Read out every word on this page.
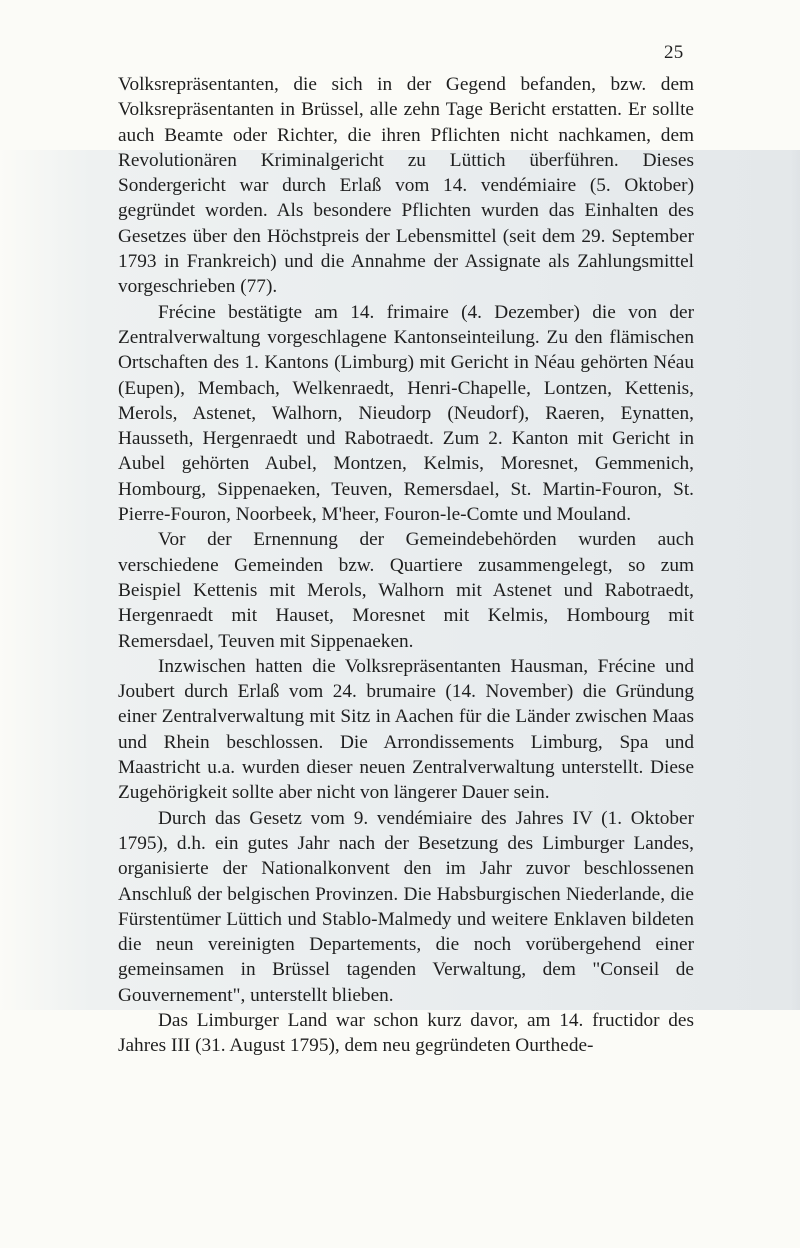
25

Volksrepräsentanten, die sich in der Gegend befanden, bzw. dem Volksrepräsentanten in Brüssel, alle zehn Tage Bericht erstatten. Er sollte auch Beamte oder Richter, die ihren Pflichten nicht nachkamen, dem Revolutionären Kriminalgericht zu Lüttich überführen. Dieses Sondergericht war durch Erlaß vom 14. vendémiaire (5. Oktober) gegründet worden. Als besondere Pflichten wurden das Einhalten des Gesetzes über den Höchstpreis der Lebensmittel (seit dem 29. September 1793 in Frankreich) und die Annahme der Assignate als Zahlungsmittel vorgeschrieben (77).

Frécine bestätigte am 14. frimaire (4. Dezember) die von der Zentralverwaltung vorgeschlagene Kantonseinteilung. Zu den flämischen Ortschaften des 1. Kantons (Limburg) mit Gericht in Néau gehörten Néau (Eupen), Membach, Welkenraedt, Henri-Chapelle, Lontzen, Kettenis, Merols, Astenet, Walhorn, Nieudorp (Neudorf), Raeren, Eynatten, Hausseth, Hergenraedt und Rabotraedt. Zum 2. Kanton mit Gericht in Aubel gehörten Aubel, Montzen, Kelmis, Moresnet, Gemmenich, Hombourg, Sippenaeken, Teuven, Remersdael, St. Martin-Fouron, St. Pierre-Fouron, Noorbeek, M'heer, Fouron-le-Comte und Mouland.

Vor der Ernennung der Gemeindebehörden wurden auch verschiedene Gemeinden bzw. Quartiere zusammengelegt, so zum Beispiel Kettenis mit Merols, Walhorn mit Astenet und Rabotraedt, Hergenraedt mit Hauset, Moresnet mit Kelmis, Hombourg mit Remersdael, Teuven mit Sippenaeken.

Inzwischen hatten die Volksrepräsentanten Hausman, Frécine und Joubert durch Erlaß vom 24. brumaire (14. November) die Gründung einer Zentralverwaltung mit Sitz in Aachen für die Länder zwischen Maas und Rhein beschlossen. Die Arrondissements Limburg, Spa und Maastricht u.a. wurden dieser neuen Zentralverwaltung unterstellt. Diese Zugehörigkeit sollte aber nicht von längerer Dauer sein.

Durch das Gesetz vom 9. vendémiaire des Jahres IV (1. Oktober 1795), d.h. ein gutes Jahr nach der Besetzung des Limburger Landes, organisierte der Nationalkonvent den im Jahr zuvor beschlossenen Anschluß der belgischen Provinzen. Die Habsburgischen Niederlande, die Fürstentümer Lüttich und Stablo-Malmedy und weitere Enklaven bildeten die neun vereinigten Departements, die noch vorübergehend einer gemeinsamen in Brüssel tagenden Verwaltung, dem "Conseil de Gouvernement", unterstellt blieben.

Das Limburger Land war schon kurz davor, am 14. fructidor des Jahres III (31. August 1795), dem neu gegründeten Ourthede-
